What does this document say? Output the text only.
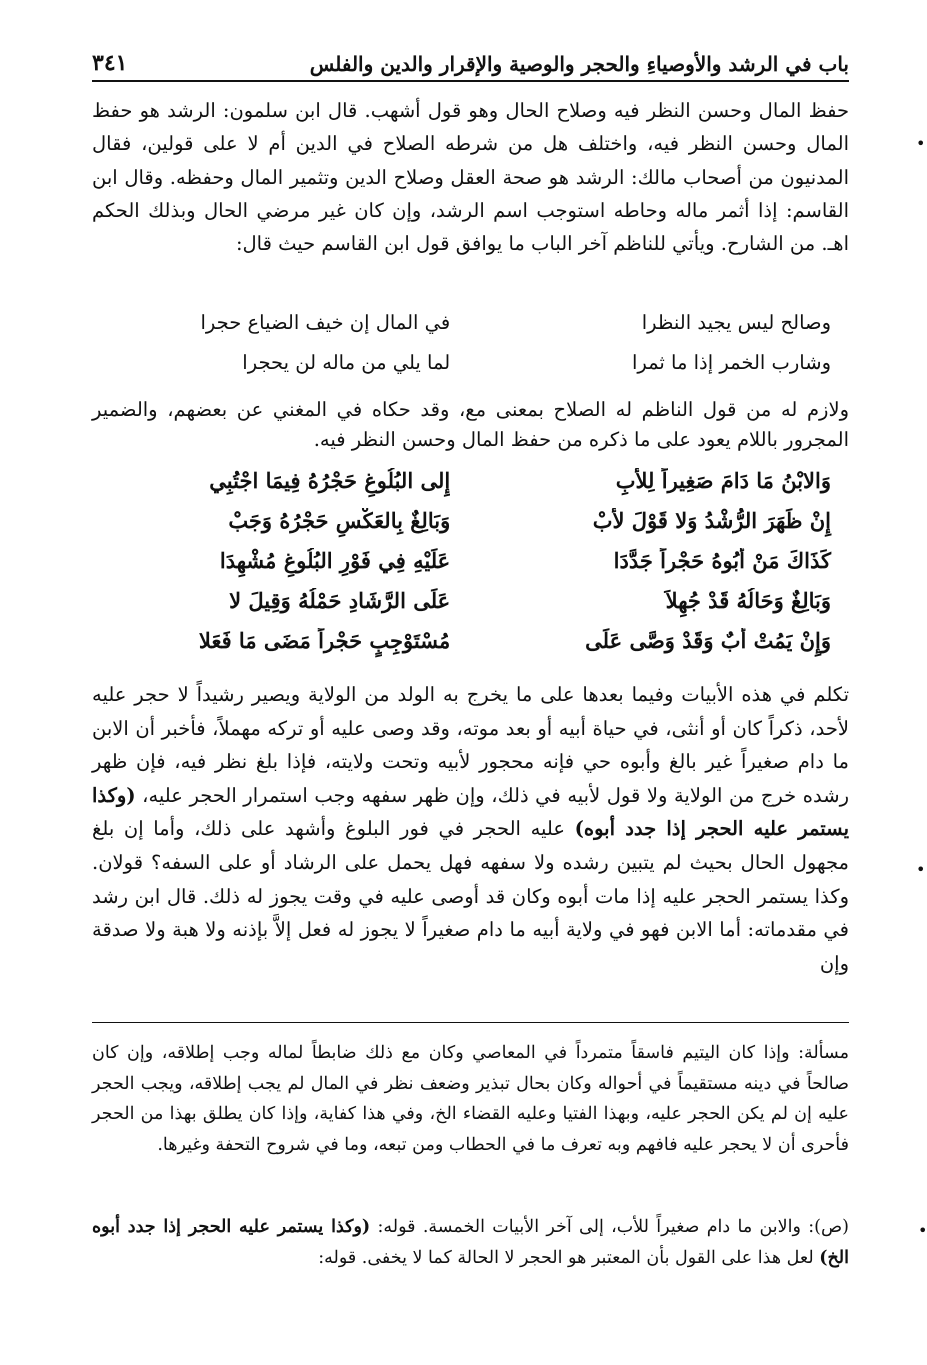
باب في الرشد والأوصياءِ والحجر والوصية والإقرار والدين والفلس
٣٤١

حفظ المال وحسن النظر فيه وصلاح الحال وهو قول أشهب. قال ابن سلمون: الرشد هو حفظ المال وحسن النظر فيه، واختلف هل من شرطه الصلاح في الدين أم لا على قولين، فقال المدنيون من أصحاب مالك: الرشد هو صحة العقل وصلاح الدين وتثمير المال وحفظه. وقال ابن القاسم: إذا أثمر ماله وحاطه استوجب اسم الرشد، وإن كان غير مرضي الحال وبذلك الحكم اهـ. من الشارح. ويأتي للناظم آخر الباب ما يوافق قول ابن القاسم حيث قال:

وصالح ليس يجيد النظرا
في المال إن خيف الضياع حجرا
وشارب الخمر إذا ما ثمرا
لما يلي من ماله لن يحجرا

ولازم له من قول الناظم له الصلاح بمعنى مع، وقد حكاه في المغني عن بعضهم، والضمير المجرور باللام يعود على ما ذكره من حفظ المال وحسن النظر فيه.

وَالابْنُ مَا دَامَ صَغِيراً لِلأَبِ
إِلى البُلُوغِ حَجْرُهُ فِيمَا اجْتُبِي
إِنْ ظَهَرَ الرُّشْدُ وَلا قَوْلَ لأَبْ
وَبَالِغٌ بِالعَكْسِ حَجْرُهُ وَجَبْ
كَذَاكَ مَنْ أَبُوهُ حَجْراً جَدَّدَا
عَلَيْهِ فِي فَوْرِ البُلُوغِ مُشْهِدَا
وَبَالِغٌ وَحَالُهُ قَدْ جُهِلاَ
عَلَى الرَّشَادِ حَمْلُهُ وَقِيلَ لا
وَإِنْ يَمُتْ أَبٌ وَقَدْ وَصَّى عَلَى
مُسْتَوْجِبٍ حَجْراً مَضَى مَا فَعَلا

تكلم في هذه الأبيات وفيما بعدها على ما يخرج به الولد من الولاية ويصير رشيداً لا حجر عليه لأحد، ذكراً كان أو أنثى، في حياة أبيه أو بعد موته، وقد وصى عليه أو تركه مهملاً، فأخبر أن الابن ما دام صغيراً غير بالغ وأبوه حي فإنه محجور لأبيه وتحت ولايته، فإذا بلغ نظر فيه، فإن ظهر رشده خرج من الولاية ولا قول لأبيه في ذلك، وإن ظهر سفهه وجب استمرار الحجر عليه، (وكذا يستمر عليه الحجر إذا جدد أبوه) عليه الحجر في فور البلوغ وأشهد على ذلك، وأما إن بلغ مجهول الحال بحيث لم يتبين رشده ولا سفهه فهل يحمل على الرشاد أو على السفه؟ قولان. وكذا يستمر الحجر عليه إذا مات أبوه وكان قد أوصى عليه في وقت يجوز له ذلك. قال ابن رشد في مقدماته: أما الابن فهو في ولاية أبيه ما دام صغيراً لا يجوز له فعل إلاَّ بإذنه ولا هبة ولا صدقة وإن

•
•
•

مسألة: وإذا كان اليتيم فاسقاً متمرداً في المعاصي وكان مع ذلك ضابطاً لماله وجب إطلاقه، وإن كان صالحاً في دينه مستقيماً في أحواله وكان بحال تبذير وضعف نظر في المال لم يجب إطلاقه، ويجب الحجر عليه إن لم يكن الحجر عليه، وبهذا الفتيا وعليه القضاء الخ، وفي هذا كفاية، وإذا كان يطلق بهذا من الحجر فأحرى أن لا يحجر عليه فافهم وبه تعرف ما في الحطاب ومن تبعه، وما في شروح التحفة وغيرها.

(ص): والابن ما دام صغيراً للأب، إلى آخر الأبيات الخمسة. قوله: (وكذا يستمر عليه الحجر إذا جدد أبوه الخ) لعل هذا على القول بأن المعتبر هو الحجر لا الحالة كما لا يخفى. قوله:
